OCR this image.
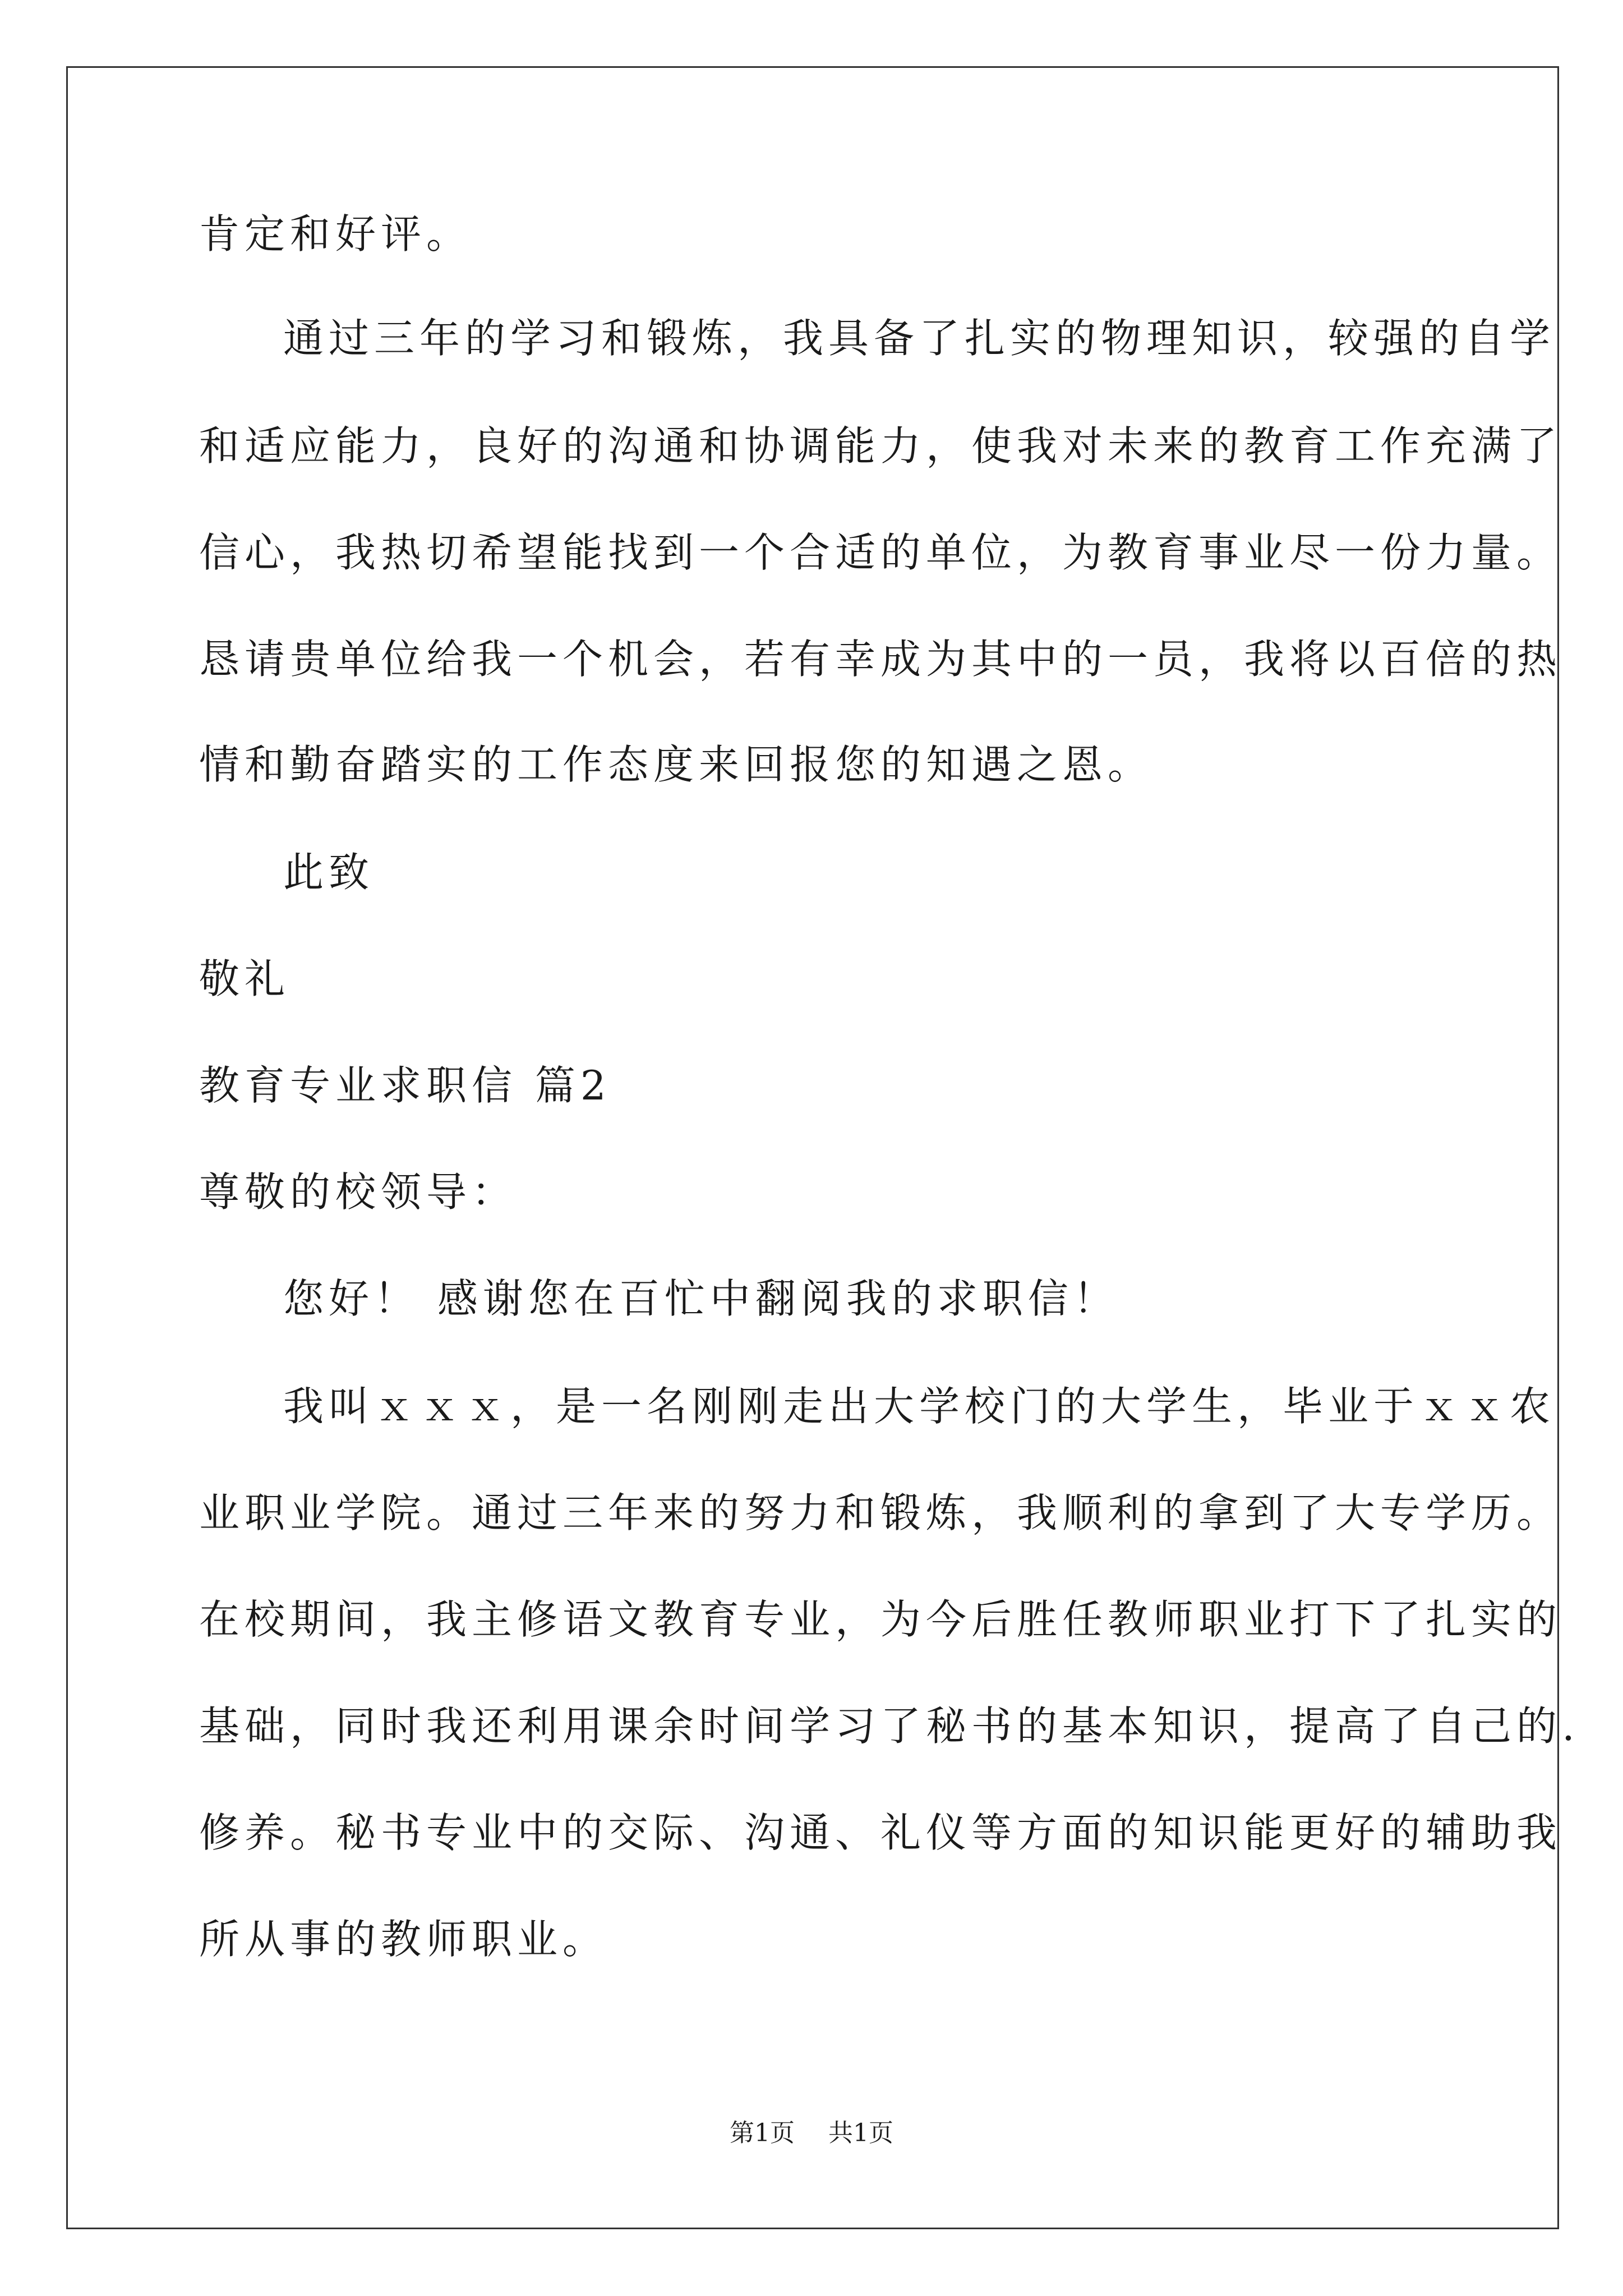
肯定和好评。
通过三年的学习和锻炼，我具备了扎实的物理知识，较强的自学
和适应能力，良好的沟通和协调能力，使我对未来的教育工作充满了
信心，我热切希望能找到一个合适的单位，为教育事业尽一份力量。
恳请贵单位给我一个机会，若有幸成为其中的一员，我将以百倍的热
情和勤奋踏实的工作态度来回报您的知遇之恩。
此致
敬礼
教育专业求职信 篇2
尊敬的校领导：
您好！ 感谢您在百忙中翻阅我的求职信！
我叫ｘｘｘ，是一名刚刚走出大学校门的大学生，毕业于ｘｘ农
业职业学院。通过三年来的努力和锻炼，我顺利的拿到了大专学历。
在校期间，我主修语文教育专业，为今后胜任教师职业打下了扎实的
基础，同时我还利用课余时间学习了秘书的基本知识，提高了自己的.
修养。秘书专业中的交际、沟通、礼仪等方面的知识能更好的辅助我
所从事的教师职业。
第1页 共1页
